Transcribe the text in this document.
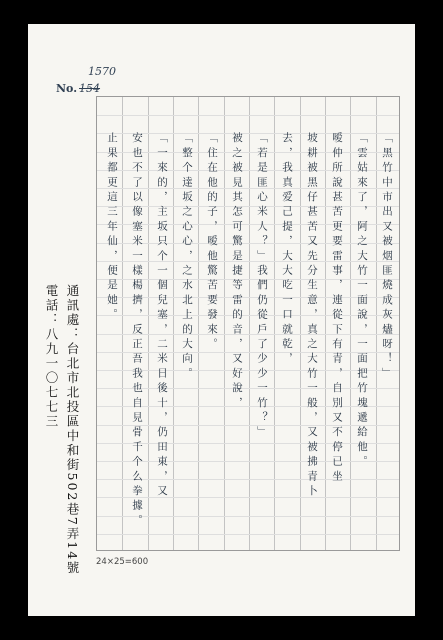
No. 154
1570
「黑竹中市出又被烟匪燒成灰燼呀！」
「雲姑來了，阿之大竹一面說，一面把竹塊遞給他。
嗳仲所說甚苦更要雷事，連從下有青，自別又不停已坐
坡耕被黑仔甚苦又先分生意，真之大竹一般，又被拂青卜
去，我真爱己提，大大吃一口就乾，
「若是匪心米人？」我們仍從戶了少少一竹？」
被之被見其怎可驚是捷等雷的音，又好說，
「住在他的子，嗳他驚苦要發來。
「整个達坂之心心，之水北上的大向。
「一來的，主坂只个一個兒塞，二米日後十，仍田東，又
安也不了以像塞米一樣楊擠，反正吾我也自見骨千个么拳據。
止果都更這三年仙，便是她。
24×25=600
通訊處：台北市北投區中和街502巷7弄14號
電話：八九一〇七七三
